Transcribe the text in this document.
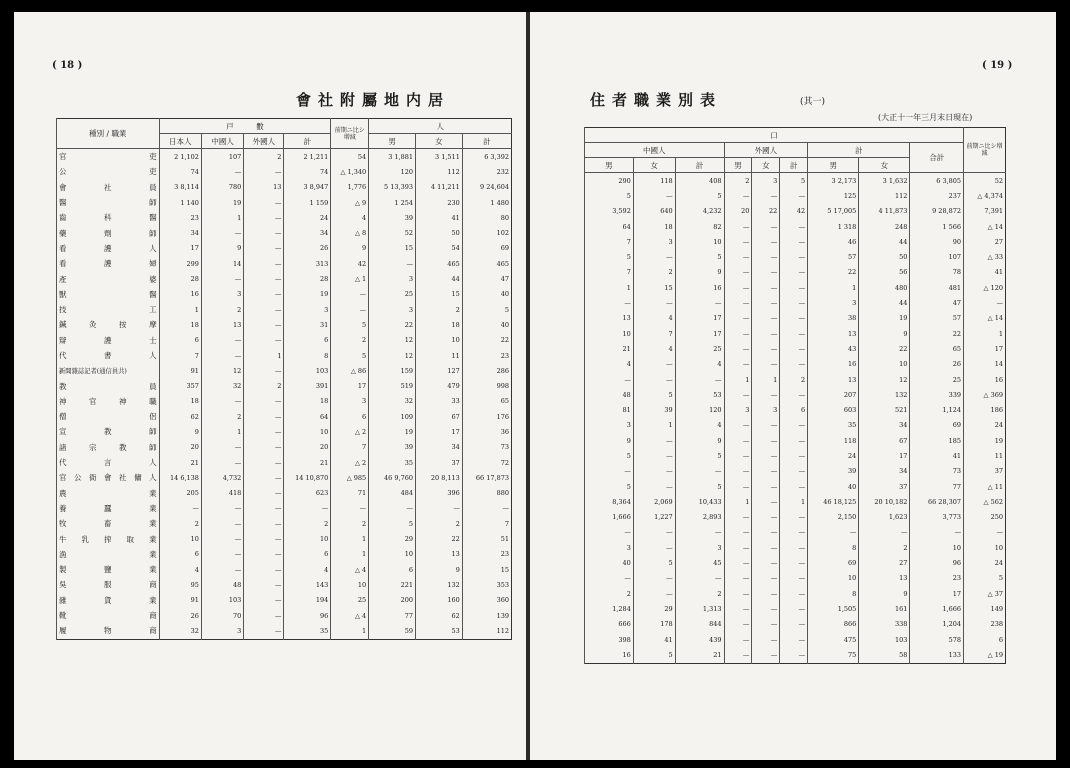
( 18 )
會社附屬地内居
種別 / 職業	戸　　　 數				前期ニ比シ増減	人		
	日本人	中國人	外國人	計		男	女	計
官吏	2 1,102	107	2	2 1,211	54	3 1,881	3 1,511	6 3,392
公吏	74	—	—	74	△ 1,340	120	112	232
會社員	3 8,114	780	13	3 8,947	1,776	5 13,393	4 11,211	9 24,604
醫師	1 140	19	—	1 159	△ 9	1 254	230	1 480
齒科醫	23	1	—	24	4	39	41	80
藥劑師	34	—	—	34	△ 8	52	50	102
看護人	17	9	—	26	9	15	54	69
看護婦	299	14	—	313	42	—	465	465
產婆	28	—	—	28	△ 1	3	44	47
獸醫	16	3	—	19	—	25	15	40
技工	1	2	—	3	—	3	2	5
鍼灸按摩	18	13	—	31	5	22	18	40
辯護士	6	—	—	6	2	12	10	22
代書人	7	—	1	8	5	12	11	23
新聞雜誌記者(通信員共)	91	12	—	103	△ 86	159	127	286
教員	357	32	2	391	17	519	479	998
神官神職	18	—	—	18	3	32	33	65
僧侶	62	2	—	64	6	109	67	176
宣教師	9	1	—	10	△ 2	19	17	36
諸宗教師	20	—	—	20	7	39	34	73
代言人	21	—	—	21	△ 2	35	37	72
官公衙會社傭人	14 6,138	4,732	—	14 10,870	△ 985	46 9,760	20 8,113	66 17,873
農業	205	418	—	623	71	484	396	880
養蠶業	—	—	—	—	—	—	—	—
牧畜業	2	—	—	2	2	5	2	7
牛乳搾取業	10	—	—	10	1	29	22	51
漁業	6	—	—	6	1	10	13	23
製鹽業	4	—	—	4	△ 4	6	9	15
吳服商	95	48	—	143	10	221	132	353
雜貨業	91	103	—	194	25	200	160	360
靴商	26	70	—	96	△ 4	77	62	139
履物商	32	3	—	35	1	59	53	112
( 19 )
住者職業別表	(其一)
(大正十一年三月末日現在)
口									前期ニ比シ増減
中國人			外國人			計		合計	
男	女	計	男	女	計	男	女		
290	118	408	2	3	5	3 2,173	3 1,632	6 3,805	52
5	—	5	—	—	—	125	112	237	△ 4,374
3,592	640	4,232	20	22	42	5 17,005	4 11,873	9 28,872	7,391
64	18	82	—	—	—	1 318	248	1 566	△ 14
7	3	10	—	—	—	46	44	90	27
5	—	5	—	—	—	57	50	107	△ 33
7	2	9	—	—	—	22	56	78	41
1	15	16	—	—	—	1	480	481	△ 120
—	—	—	—	—	—	3	44	47	—
13	4	17	—	—	—	38	19	57	△ 14
10	7	17	—	—	—	13	9	22	1
21	4	25	—	—	—	43	22	65	17
4	—	4	—	—	—	16	10	26	14
—	—	—	1	1	2	13	12	25	16
48	5	53	—	—	—	207	132	339	△ 369
81	39	120	3	3	6	603	521	1,124	186
3	1	4	—	—	—	35	34	69	24
9	—	9	—	—	—	118	67	185	19
5	—	5	—	—	—	24	17	41	11
—	—	—	—	—	—	39	34	73	37
5	—	5	—	—	—	40	37	77	△ 11
8,364	2,069	10,433	1	—	1	46 18,125	20 10,182	66 28,307	△ 562
1,666	1,227	2,893	—	—	—	2,150	1,623	3,773	250
—	—	—	—	—	—	—	—	—	—
3	—	3	—	—	—	8	2	10	10
40	5	45	—	—	—	69	27	96	24
—	—	—	—	—	—	10	13	23	5
2	—	2	—	—	—	8	9	17	△ 37
1,284	29	1,313	—	—	—	1,505	161	1,666	149
666	178	844	—	—	—	866	338	1,204	238
398	41	439	—	—	—	475	103	578	6
16	5	21	—	—	—	75	58	133	△ 19
